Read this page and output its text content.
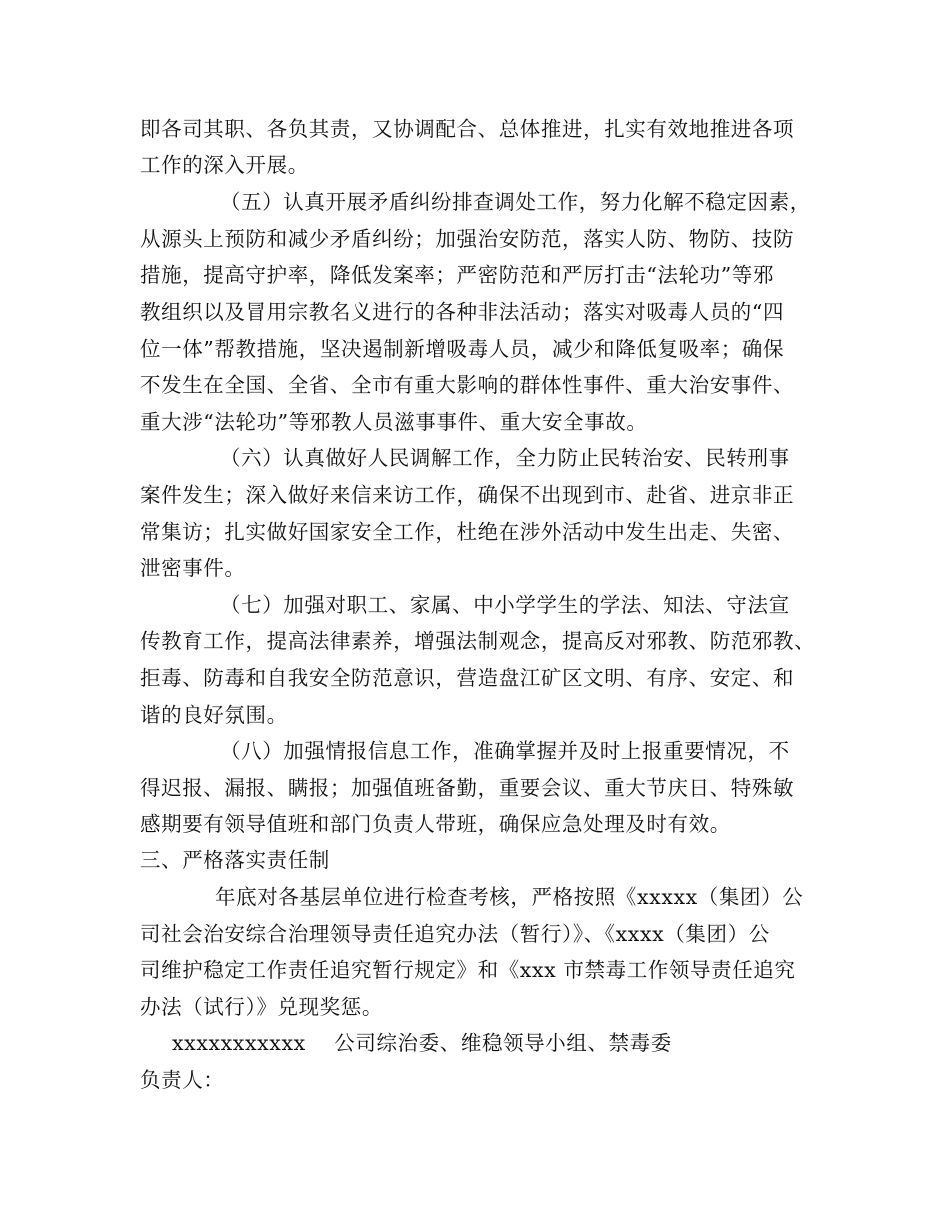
即各司其职、各负其责，又协调配合、总体推进，扎实有效地推进各项
工作的深入开展。
（五）认真开展矛盾纠纷排查调处工作，努力化解不稳定因素，
从源头上预防和减少矛盾纠纷；加强治安防范，落实人防、物防、技防
措施，提高守护率，降低发案率；严密防范和严厉打击“法轮功”等邪
教组织以及冒用宗教名义进行的各种非法活动；落实对吸毒人员的“四
位一体”帮教措施，坚决遏制新增吸毒人员，减少和降低复吸率；确保
不发生在全国、全省、全市有重大影响的群体性事件、重大治安事件、
重大涉“法轮功”等邪教人员滋事事件、重大安全事故。
（六）认真做好人民调解工作，全力防止民转治安、民转刑事
案件发生；深入做好来信来访工作，确保不出现到市、赴省、进京非正
常集访；扎实做好国家安全工作，杜绝在涉外活动中发生出走、失密、
泄密事件。
（七）加强对职工、家属、中小学学生的学法、知法、守法宣
传教育工作，提高法律素养，增强法制观念，提高反对邪教、防范邪教、
拒毒、防毒和自我安全防范意识，营造盘江矿区文明、有序、安定、和
谐的良好氛围。
（八）加强情报信息工作，准确掌握并及时上报重要情况，不
得迟报、漏报、瞒报；加强值班备勤，重要会议、重大节庆日、特殊敏
感期要有领导值班和部门负责人带班，确保应急处理及时有效。
三、严格落实责任制
年底对各基层单位进行检查考核，严格按照《xxxxx（集团）公
司社会治安综合治理领导责任追究办法（暂行）》、《xxxx（集团）公
司维护稳定工作责任追究暂行规定》和《xxx 市禁毒工作领导责任追究
办法（试行）》兑现奖惩。
xxxxxxxxxxx    公司综治委、维稳领导小组、禁毒委
负责人：
